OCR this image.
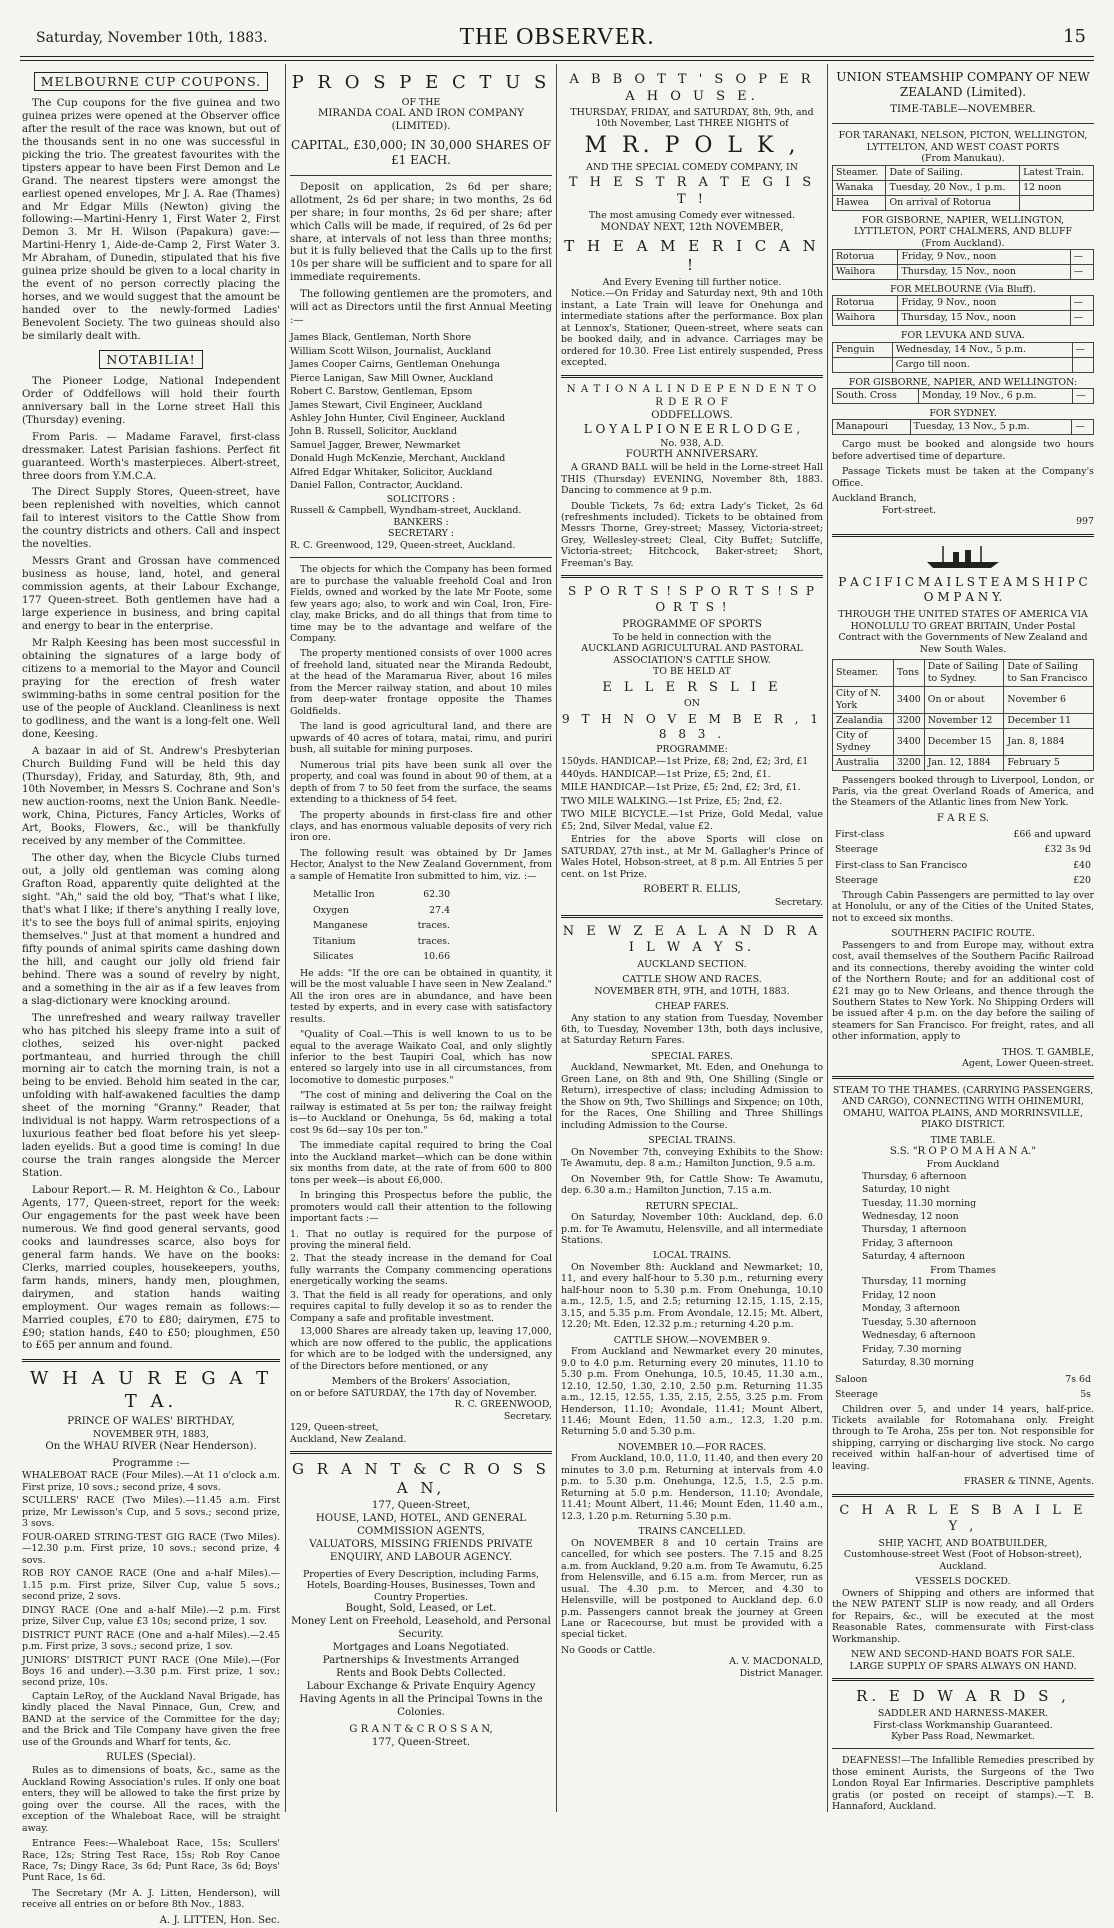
Saturday, November 10th, 1883.	THE OBSERVER.	15
MELBOURNE CUP COUPONS.

The Cup coupons for the five guinea and two guinea prizes were opened at the Observer office after the result of the race was known, but out of the thousands sent in no one was successful in picking the trio. The greatest favourites with the tipsters appear to have been First Demon and Le Grand. The nearest tipsters were amongst the earliest opened envelopes, Mr J. A. Rae (Thames) and Mr Edgar Mills (Newton) giving the following:—Martini-Henry 1, First Water 2, First Demon 3. Mr H. Wilson (Papakura) gave:—Martini-Henry 1, Aide-de-Camp 2, First Water 3. Mr Abraham, of Dunedin, stipulated that his five guinea prize should be given to a local charity in the event of no person correctly placing the horses, and we would suggest that the amount be handed over to the newly-formed Ladies' Benevolent Society. The two guineas should also be similarly dealt with.

NOTABILIA!

The Pioneer Lodge, National Independent Order of Oddfellows will hold their fourth anniversary ball in the Lorne street Hall this (Thursday) evening.

From Paris. — Madame Faravel, first-class dressmaker. Latest Parisian fashions. Perfect fit guaranteed. Worth's masterpieces. Albert-street, three doors from Y.M.C.A.

The Direct Supply Stores, Queen-street, have been replenished with novelties, which cannot fail to interest visitors to the Cattle Show from the country districts and others. Call and inspect the novelties.

Messrs Grant and Grossan have commenced business as house, land, hotel, and general commission agents, at their Labour Exchange, 177 Queen-street. Both gentlemen have had a large experience in business, and bring capital and energy to bear in the enterprise.

Mr Ralph Keesing has been most successful in obtaining the signatures of a large body of citizens to a memorial to the Mayor and Council praying for the erection of fresh water swimming-baths in some central position for the use of the people of Auckland. Cleanliness is next to godliness, and the want is a long-felt one. Well done, Keesing.

A bazaar in aid of St. Andrew's Presbyterian Church Building Fund will be held this day (Thursday), Friday, and Saturday, 8th, 9th, and 10th November, in Messrs S. Cochrane and Son's new auction-rooms, next the Union Bank. Needle-work, China, Pictures, Fancy Articles, Works of Art, Books, Flowers, &c., will be thankfully received by any member of the Committee.

The other day, when the Bicycle Clubs turned out, a jolly old gentleman was coming along Grafton Road, apparently quite delighted at the sight. "Ah," said the old boy, "That's what I like, that's what I like; if there's anything I really love, it's to see the boys full of animal spirits, enjoying themselves." Just at that moment a hundred and fifty pounds of animal spirits came dashing down the hill, and caught our jolly old friend fair behind. There was a sound of revelry by night, and a something in the air as if a few leaves from a slag-dictionary were knocking around.

The unrefreshed and weary railway traveller who has pitched his sleepy frame into a suit of clothes, seized his over-night packed portmanteau, and hurried through the chill morning air to catch the morning train, is not a being to be envied. Behold him seated in the car, unfolding with half-awakened faculties the damp sheet of the morning "Granny." Reader, that individual is not happy. Warm retrospections of a luxurious feather bed float before his yet sleep-laden eyelids. But a good time is coming! In due course the train ranges alongside the Mercer Station.

Labour Report.— R. M. Heighton & Co., Labour Agents, 177, Queen-street, report for the week: Our engagements for the past week have been numerous. We find good general servants, good cooks and laundresses scarce, also boys for general farm hands. We have on the books: Clerks, married couples, housekeepers, youths, farm hands, miners, handy men, ploughmen, dairymen, and station hands waiting employment. Our wages remain as follows:—Married couples, £70 to £80; dairymen, £75 to £90; station hands, £40 to £50; ploughmen, £50 to £65 per annum and found.

W H A U R E G A T T A.
PRINCE OF WALES' BIRTHDAY,
NOVEMBER 9TH, 1883,
On the WHAU RIVER (Near Henderson).
Programme :—
WHALEBOAT RACE (Four Miles).—At 11 o'clock a.m. First prize, 10 sovs.; second prize, 4 sovs.
SCULLERS' RACE (Two Miles).—11.45 a.m. First prize, Mr Lewisson's Cup, and 5 sovs.; second prize, 3 sovs.
FOUR-OARED STRING-TEST GIG RACE (Two Miles).—12.30 p.m. First prize, 10 sovs.; second prize, 4 sovs.
ROB ROY CANOE RACE (One and a-half Miles).—1.15 p.m. First prize, Silver Cup, value 5 sovs.; second prize, 2 sovs.
DINGY RACE (One and a-half Mile).—2 p.m. First prize, Silver Cup, value £3 10s; second prize, 1 sov.
DISTRICT PUNT RACE (One and a-half Miles).—2.45 p.m. First prize, 3 sovs.; second prize, 1 sov.
JUNIORS' DISTRICT PUNT RACE (One Mile).—(For Boys 16 and under).—3.30 p.m. First prize, 1 sov.; second prize, 10s.

Captain LeRoy, of the Auckland Naval Brigade, has kindly placed the Naval Pinnace, Gun, Crew, and BAND at the service of the Committee for the day; and the Brick and Tile Company have given the free use of the Grounds and Wharf for tents, &c.

RULES (Special).

Rules as to dimensions of boats, &c., same as the Auckland Rowing Association's rules. If only one boat enters, they will be allowed to take the first prize by going over the course. All the races, with the exception of the Whaleboat Race, will be straight away.

Entrance Fees:—Whaleboat Race, 15s; Scullers' Race, 12s; String Test Race, 15s; Rob Roy Canoe Race, 7s; Dingy Race, 3s 6d; Punt Race, 3s 6d; Boys' Punt Race, 1s 6d.

The Secretary (Mr A. J. Litten, Henderson), will receive all entries on or before 8th Nov., 1883.

A. J. LITTEN, Hon. Sec.
P R O S P E C T U S
OF THE
MIRANDA COAL AND IRON COMPANY
(LIMITED).
CAPITAL, £30,000; IN 30,000 SHARES OF £1 EACH.

Deposit on application, 2s 6d per share; allotment, 2s 6d per share; in two months, 2s 6d per share; in four months, 2s 6d per share; after which Calls will be made, if required, of 2s 6d per share, at intervals of not less than three months; but it is fully believed that the Calls up to the first 10s per share will be sufficient and to spare for all immediate requirements.

The following gentlemen are the promoters, and will act as Directors until the first Annual Meeting :—

James Black, Gentleman, North Shore
William Scott Wilson, Journalist, Auckland
James Cooper Cairns, Gentleman Onehunga
Pierce Lanigan, Saw Mill Owner, Auckland
Robert C. Barstow, Gentleman, Epsom
James Stewart, Civil Engineer, Auckland
Ashley John Hunter, Civil Engineer, Auckland
John B. Russell, Solicitor, Auckland
Samuel Jagger, Brewer, Newmarket
Donald Hugh McKenzie, Merchant, Auckland
Alfred Edgar Whitaker, Solicitor, Auckland
Daniel Fallon, Contractor, Auckland.
SOLICITORS :
Russell & Campbell, Wyndham-street, Auckland.
BANKERS :
SECRETARY :
R. C. Greenwood, 129, Queen-street, Auckland.

The objects for which the Company has been formed are to purchase the valuable freehold Coal and Iron Fields, owned and worked by the late Mr Foote, some few years ago; also, to work and win Coal, Iron, Fire-clay, make Bricks, and do all things that from time to time may be to the advantage and welfare of the Company.

The property mentioned consists of over 1000 acres of freehold land, situated near the Miranda Redoubt, at the head of the Maramarua River, about 16 miles from the Mercer railway station, and about 10 miles from deep-water frontage opposite the Thames Goldfields.

The land is good agricultural land, and there are upwards of 40 acres of totara, matai, rimu, and puriri bush, all suitable for mining purposes.

Numerous trial pits have been sunk all over the property, and coal was found in about 90 of them, at a depth of from 7 to 50 feet from the surface, the seams extending to a thickness of 54 feet.

The property abounds in first-class fire and other clays, and has enormous valuable deposits of very rich iron ore.

The following result was obtained by Dr James Hector, Analyst to the New Zealand Government, from a sample of Hematite Iron submitted to him, viz. :—

Metallic Iron	62.30
Oxygen	27.4
Manganese	traces.
Titanium	traces.
Silicates	10.66

He adds: "If the ore can be obtained in quantity, it will be the most valuable I have seen in New Zealand." All the iron ores are in abundance, and have been tested by experts, and in every case with satisfactory results.

"Quality of Coal.—This is well known to us to be equal to the average Waikato Coal, and only slightly inferior to the best Taupiri Coal, which has now entered so largely into use in all circumstances, from locomotive to domestic purposes."

"The cost of mining and delivering the Coal on the railway is estimated at 5s per ton; the railway freight is—to Auckland or Onehunga, 5s 6d, making a total cost 9s 6d—say 10s per ton."

The immediate capital required to bring the Coal into the Auckland market—which can be done within six months from date, at the rate of from 600 to 800 tons per week—is about £6,000.

In bringing this Prospectus before the public, the promoters would call their attention to the following important facts :—

1. That no outlay is required for the purpose of proving the mineral field.
2. That the steady increase in the demand for Coal fully warrants the Company commencing operations energetically working the seams.
3. That the field is all ready for operations, and only requires capital to fully develop it so as to render the Company a safe and profitable investment.

13,000 Shares are already taken up, leaving 17,000, which are now offered to the public, the applications for which are to be lodged with the undersigned, any of the Directors before mentioned, or any

Members of the Brokers' Association,
on or before SATURDAY, the 17th day of November.
R. C. GREENWOOD,
Secretary.
129, Queen-street,
Auckland, New Zealand.
G R A N T & C R O S S A N,
177, Queen-Street,
HOUSE, LAND, HOTEL, AND GENERAL COMMISSION AGENTS,
VALUATORS, MISSING FRIENDS PRIVATE ENQUIRY, AND LABOUR AGENCY.
Properties of Every Description, including Farms, Hotels, Boarding-Houses, Businesses, Town and Country Properties.
Bought, Sold, Leased, or Let.
Money Lent on Freehold, Leasehold, and Personal Security.
Mortgages and Loans Negotiated.
Partnerships & Investments Arranged
Rents and Book Debts Collected.
Labour Exchange & Private Enquiry Agency
Having Agents in all the Principal Towns in the Colonies.
G R A N T & C R O S S A N,
177, Queen-Street.
A B B O T T ' S O P E R A H O U S E.
THURSDAY, FRIDAY, and SATURDAY, 8th, 9th, and 10th November, Last THREE NIGHTS of
M R. P O L K ,
AND THE SPECIAL COMEDY COMPANY, IN
T H E S T R A T E G I S T !
The most amusing Comedy ever witnessed.
MONDAY NEXT, 12th NOVEMBER,
T H E A M E R I C A N !
And Every Evening till further notice.

Notice.—On Friday and Saturday next, 9th and 10th instant, a Late Train will leave for Onehunga and intermediate stations after the performance. Box plan at Lennox's, Stationer, Queen-street, where seats can be booked daily, and in advance. Carriages may be ordered for 10.30. Free List entirely suspended, Press excepted.

N A T I O N A L I N D E P E N D E N T O R D E R O F
ODDFELLOWS.
L O Y A L P I O N E E R L O D G E ,
No. 938, A.D.
FOURTH ANNIVERSARY.

A GRAND BALL will be held in the Lorne-street Hall THIS (Thursday) EVENING, November 8th, 1883. Dancing to commence at 9 p.m.

Double Tickets, 7s 6d; extra Lady's Ticket, 2s 6d (refreshments included). Tickets to be obtained from Messrs Thorne, Grey-street; Massey, Victoria-street; Grey, Wellesley-street; Cleal, City Buffet; Sutcliffe, Victoria-street; Hitchcock, Baker-street; Short, Freeman's Bay.

S P O R T S ! S P O R T S ! S P O R T S !
PROGRAMME OF SPORTS
To be held in connection with the
AUCKLAND AGRICULTURAL AND PASTORAL
ASSOCIATION'S CATTLE SHOW.
TO BE HELD AT
E L L E R S L I E
ON
9 T H N O V E M B E R , 1 8 8 3 .
PROGRAMME:
150yds. HANDICAP.—1st Prize, £8; 2nd, £2; 3rd, £1
440yds. HANDICAP.—1st Prize, £5; 2nd, £1.
MILE HANDICAP.—1st Prize, £5; 2nd, £2; 3rd, £1.
TWO MILE WALKING.—1st Prize, £5; 2nd, £2.
TWO MILE BICYCLE.—1st Prize, Gold Medal, value £5; 2nd, Silver Medal, value £2.

Entries for the above Sports will close on SATURDAY, 27th inst., at Mr M. Gallagher's Prince of Wales Hotel, Hobson-street, at 8 p.m. All Entries 5 per cent. on 1st Prize.

ROBERT R. ELLIS,
Secretary.
N E W Z E A L A N D R A I L W A Y S.
AUCKLAND SECTION.
CATTLE SHOW AND RACES.
NOVEMBER 8TH, 9TH, and 10TH, 1883.
CHEAP FARES.

Any station to any station from Tuesday, November 6th, to Tuesday, November 13th, both days inclusive, at Saturday Return Fares.

SPECIAL FARES.

Auckland, Newmarket, Mt. Eden, and Onehunga to Green Lane, on 8th and 9th, One Shilling (Single or Return), irrespective of class; including Admission to the Show on 9th, Two Shillings and Sixpence; on 10th, for the Races, One Shilling and Three Shillings including Admission to the Course.

SPECIAL TRAINS.

On November 7th, conveying Exhibits to the Show: Te Awamutu, dep. 8 a.m.; Hamilton Junction, 9.5 a.m.

On November 9th, for Cattle Show: Te Awamutu, dep. 6.30 a.m.; Hamilton Junction, 7.15 a.m.

RETURN SPECIAL.

On Saturday, November 10th: Auckland, dep. 6.0 p.m. for Te Awamutu, Helensville, and all intermediate Stations.

LOCAL TRAINS.

On November 8th: Auckland and Newmarket; 10, 11, and every half-hour to 5.30 p.m., returning every half-hour noon to 5.30 p.m. From Onehunga, 10.10 a.m., 12.5, 1.5, and 2.5; returning 12.15, 1.15, 2.15, 3.15, and 5.35 p.m. From Avondale, 12.15; Mt. Albert, 12.20; Mt. Eden, 12.32 p.m.; returning 4.20 p.m.

CATTLE SHOW.—NOVEMBER 9.

From Auckland and Newmarket every 20 minutes, 9.0 to 4.0 p.m. Returning every 20 minutes, 11.10 to 5.30 p.m. From Onehunga, 10.5, 10.45, 11.30 a.m., 12.10, 12.50, 1.30, 2.10, 2.50 p.m. Returning 11.35 a.m., 12.15, 12.55, 1.35, 2.15, 2.55, 3.25 p.m. From Henderson, 11.10; Avondale, 11.41; Mount Albert, 11.46; Mount Eden, 11.50 a.m., 12.3, 1.20 p.m. Returning 5.0 and 5.30 p.m.

NOVEMBER 10.—FOR RACES.

From Auckland, 10.0, 11.0, 11.40, and then every 20 minutes to 3.0 p.m. Returning at intervals from 4.0 p.m. to 5.30 p.m. Onehunga, 12.5, 1.5, 2.5 p.m. Returning at 5.0 p.m. Henderson, 11.10; Avondale, 11.41; Mount Albert, 11.46; Mount Eden, 11.40 a.m., 12.3, 1.20 p.m. Returning 5.30 p.m.

TRAINS CANCELLED.

On NOVEMBER 8 and 10 certain Trains are cancelled, for which see posters. The 7.15 and 8.25 a.m. from Auckland, 9.20 a.m. from Te Awamutu, 6.25 from Helensville, and 6.15 a.m. from Mercer, run as usual. The 4.30 p.m. to Mercer, and 4.30 to Helensville, will be postponed to Auckland dep. 6.0 p.m. Passengers cannot break the journey at Green Lane or Racecourse, but must be provided with a special ticket.

No Goods or Cattle.
A. V. MACDONALD,
District Manager.
UNION STEAMSHIP COMPANY OF NEW ZEALAND (Limited).
TIME-TABLE—NOVEMBER.
FOR TARANAKI, NELSON, PICTON, WELLINGTON, LYTTELTON, AND WEST COAST PORTS
(From Manukau).
Steamer.	Date of Sailing.	Latest Train.
Wanaka	Tuesday, 20 Nov., 1 p.m.	12 noon
Hawea	On arrival of Rotorua	
FOR GISBORNE, NAPIER, WELLINGTON, LYTTLETON, PORT CHALMERS, AND BLUFF
(From Auckland).
Rotorua	Friday, 9 Nov., noon	—
Waihora	Thursday, 15 Nov., noon	—
FOR MELBOURNE (Via Bluff).
Rotorua	Friday, 9 Nov., noon	—
Waihora	Thursday, 15 Nov., noon	—
FOR LEVUKA AND SUVA.
Penguin	Wednesday, 14 Nov., 5 p.m.	—
	Cargo till noon.	
FOR GISBORNE, NAPIER, AND WELLINGTON:
South. Cross	Monday, 19 Nov., 6 p.m.	—
FOR SYDNEY.
Manapouri	Tuesday, 13 Nov., 5 p.m.	—

Cargo must be booked and alongside two hours before advertised time of departure.

Passage Tickets must be taken at the Company's Office.

Auckland Branch,
Fort-street.
997
P A C I F I C M A I L S T E A M S H I P C O M P A N Y.
THROUGH THE UNITED STATES OF AMERICA VIA HONOLULU TO GREAT BRITAIN, Under Postal Contract with the Governments of New Zealand and New South Wales.
Steamer.	Tons	Date of Sailing to Sydney.	Date of Sailing to San Francisco
City of N. York	3400	On or about	November 6
Zealandia	3200	November 12	December 11
City of Sydney	3400	December 15	Jan. 8, 1884
Australia	3200	Jan. 12, 1884	February 5

Passengers booked through to Liverpool, London, or Paris, via the great Overland Roads of America, and the Steamers of the Atlantic lines from New York.

F A R E S.
First-class	£66 and upward
Steerage	£32 3s 9d
First-class to San Francisco	£40
Steerage	£20

Through Cabin Passengers are permitted to lay over at Honolulu, or any of the Cities of the United States, not to exceed six months.

SOUTHERN PACIFIC ROUTE.

Passengers to and from Europe may, without extra cost, avail themselves of the Southern Pacific Railroad and its connections, thereby avoiding the winter cold of the Northern Route; and for an additional cost of £21 may go to New Orleans, and thence through the Southern States to New York. No Shipping Orders will be issued after 4 p.m. on the day before the sailing of steamers for San Francisco. For freight, rates, and all other information, apply to

THOS. T. GAMBLE,
Agent, Lower Queen-street.
STEAM TO THE THAMES. (CARRYING PASSENGERS, AND CARGO), CONNECTING WITH OHINEMURI, OMAHU, WAITOA PLAINS, AND MORRINSVILLE, PIAKO DISTRICT.
TIME TABLE.
S.S. "R O P O M A H A N A."
From Auckland
Thursday, 6 afternoon
Saturday, 10 night
Tuesday, 11.30 morning
Wednesday, 12 noon
Thursday, 1 afternoon
Friday, 3 afternoon
Saturday, 4 afternoon
From Thames
Thursday, 11 morning
Friday, 12 noon
Monday, 3 afternoon
Tuesday, 5.30 afternoon
Wednesday, 6 afternoon
Friday, 7.30 morning
Saturday, 8.30 morning
Saloon	7s 6d
Steerage	5s

Children over 5, and under 14 years, half-price. Tickets available for Rotomahana only. Freight through to Te Aroha, 25s per ton. Not responsible for shipping, carrying or discharging live stock. No cargo received within half-an-hour of advertised time of leaving.

FRASER & TINNE, Agents.
C H A R L E S B A I L E Y ,
SHIP, YACHT, AND BOATBUILDER,
Customhouse-street West (Foot of Hobson-street), Auckland.
VESSELS DOCKED.

Owners of Shipping and others are informed that the NEW PATENT SLIP is now ready, and all Orders for Repairs, &c., will be executed at the most Reasonable Rates, commensurate with First-class Workmanship.

NEW AND SECOND-HAND BOATS FOR SALE.
LARGE SUPPLY OF SPARS ALWAYS ON HAND.
R. E D W A R D S ,
SADDLER AND HARNESS-MAKER.
First-class Workmanship Guaranteed.
Kyber Pass Road, Newmarket.

DEAFNESS!—The Infallible Remedies prescribed by those eminent Aurists, the Surgeons of the Two London Royal Ear Infirmaries. Descriptive pamphlets gratis (or posted on receipt of stamps).—T. B. Hannaford, Auckland.
